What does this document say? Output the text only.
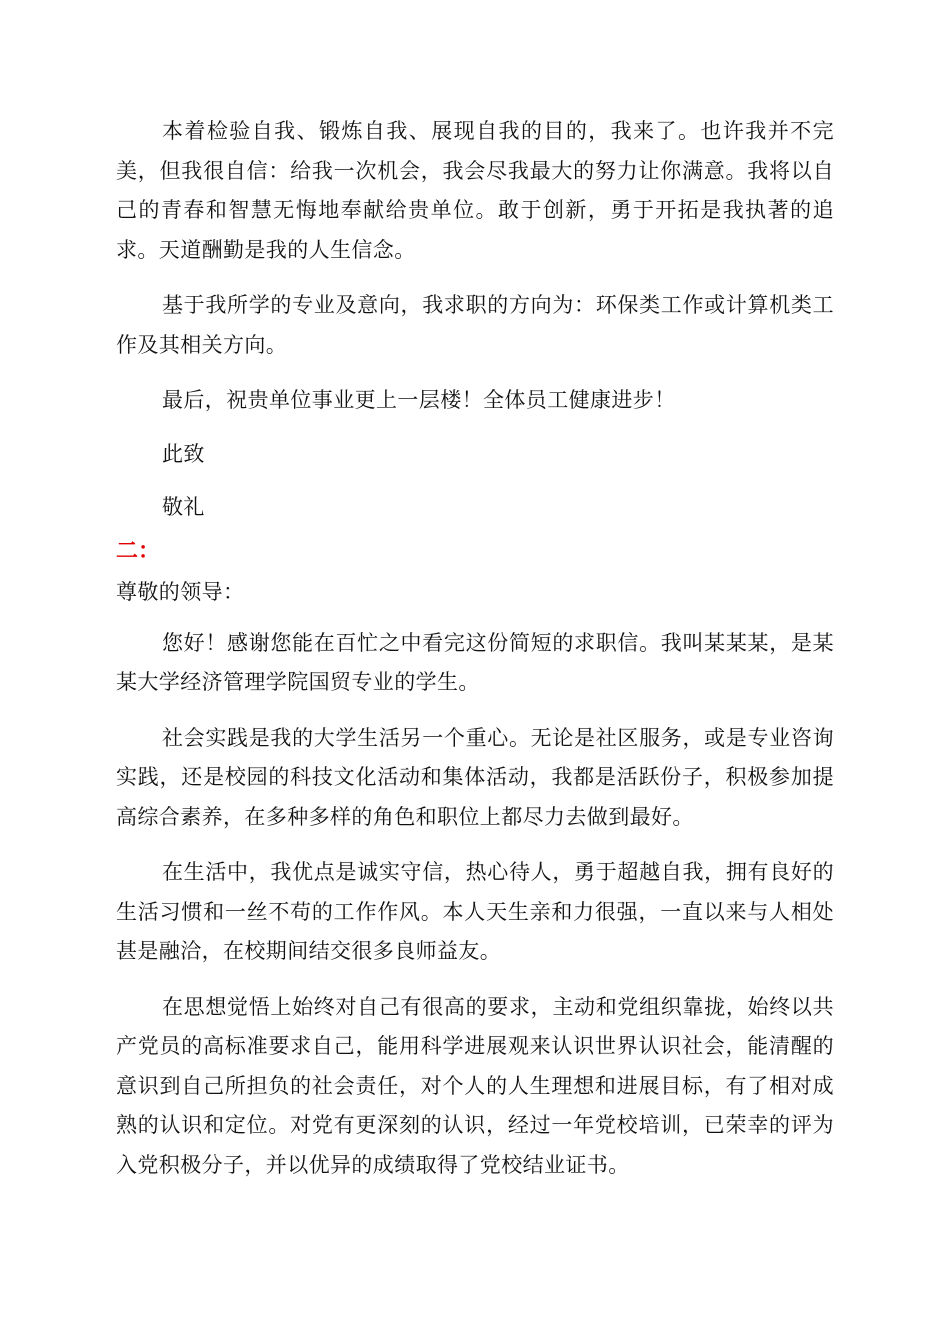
本着检验自我、锻炼自我、展现自我的目的，我来了。也许我并不完美，但我很自信：给我一次机会，我会尽我最大的努力让你满意。我将以自己的青春和智慧无悔地奉献给贵单位。敢于创新，勇于开拓是我执著的追求。天道酬勤是我的人生信念。

基于我所学的专业及意向，我求职的方向为：环保类工作或计算机类工作及其相关方向。

最后，祝贵单位事业更上一层楼！全体员工健康进步！

此致

敬礼

二：
尊敬的领导：

您好！感谢您能在百忙之中看完这份简短的求职信。我叫某某某，是某某大学经济管理学院国贸专业的学生。

社会实践是我的大学生活另一个重心。无论是社区服务，或是专业咨询实践，还是校园的科技文化活动和集体活动，我都是活跃份子，积极参加提高综合素养，在多种多样的角色和职位上都尽力去做到最好。

在生活中，我优点是诚实守信，热心待人，勇于超越自我，拥有良好的生活习惯和一丝不苟的工作作风。本人天生亲和力很强，一直以来与人相处甚是融洽，在校期间结交很多良师益友。

在思想觉悟上始终对自己有很高的要求，主动和党组织靠拢，始终以共产党员的高标准要求自己，能用科学进展观来认识世界认识社会，能清醒的意识到自己所担负的社会责任，对个人的人生理想和进展目标，有了相对成熟的认识和定位。对党有更深刻的认识，经过一年党校培训，已荣幸的评为入党积极分子，并以优异的成绩取得了党校结业证书。
